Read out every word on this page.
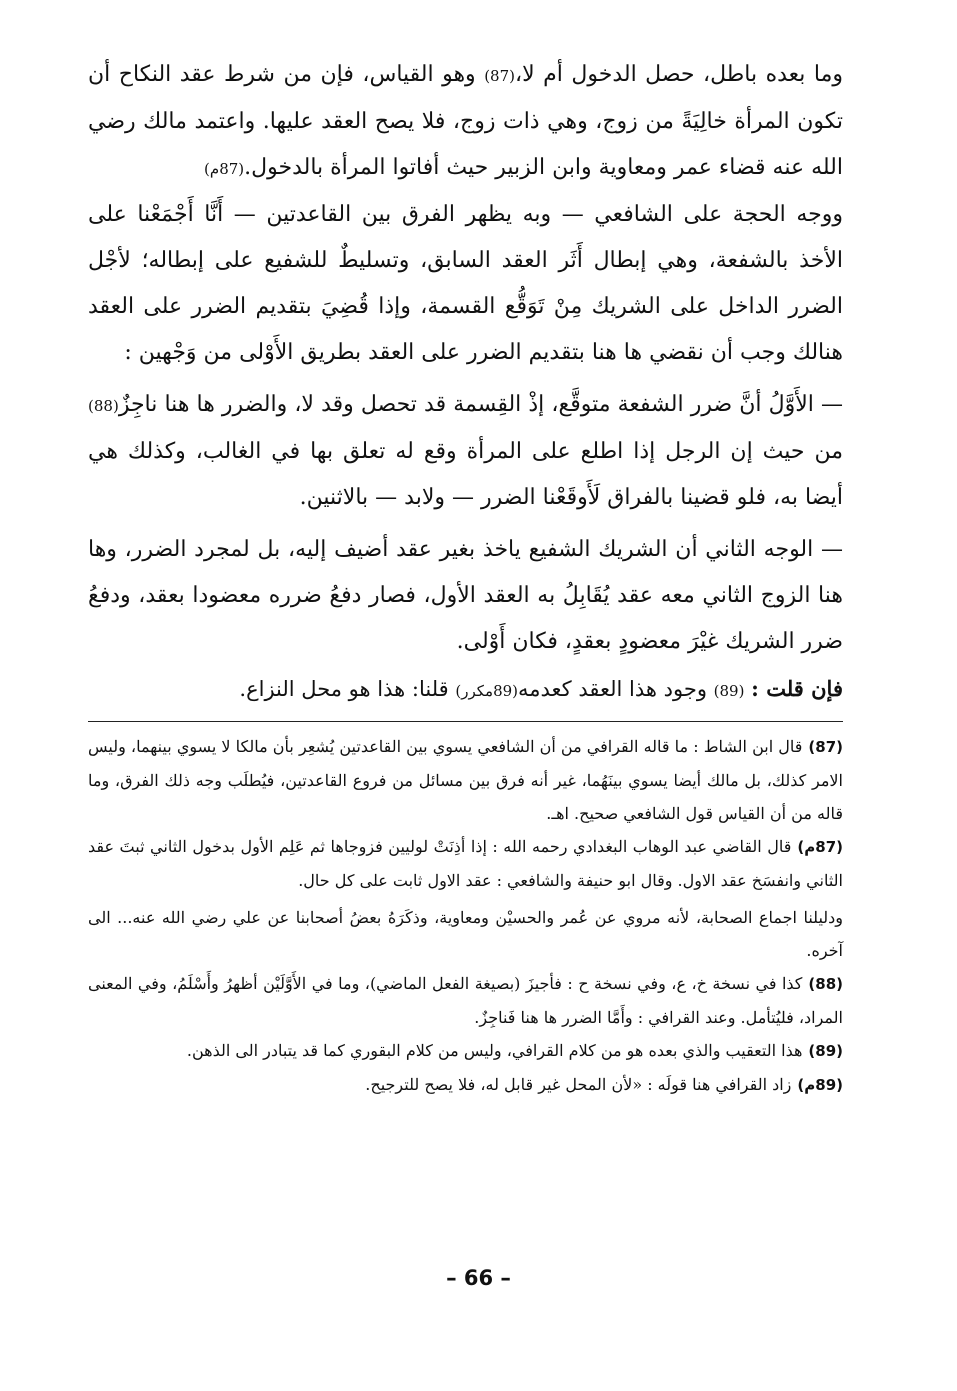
وما بعده باطل، حصل الدخول أم لا،(87) وهو القياس، فإن من شرط عقد النكاح أن تكون المرأة خالِيَةً من زوج، وهي ذات زوج، فلا يصح العقد عليها. واعتمد مالك رضي الله عنه قضاء عمر ومعاوية وابن الزبير حيث أفاتوا المرأة بالدخول.(87م)

ووجه الحجة على الشافعي — وبه يظهر الفرق بين القاعدتين — أَنَّا أَجْمَعْنا على الأخذ بالشفعة، وهي إبطال أَثَر العقد السابق، وتسليطٌ للشفيع على إبطاله؛ لأجْل الضرر الداخل على الشريك مِنْ تَوَقُّع القسمة، وإذا قُضِيَ بتقديم الضرر على العقد هنالك وجب أن نقضي ها هنا بتقديم الضرر على العقد بطريق الأَوْلى من وَجْهين :

— الأَوَّلُ أنَّ ضرر الشفعة متوقَّع، إذْ القِسمة قد تحصل وقد لا، والضرر ها هنا ناجِزٌ(88) من حيث إن الرجل إذا اطلع على المرأة وقع له تعلق بها في الغالب، وكذلك هي أيضا به، فلو قضينا بالفراق لَأَوقَعْنا الضرر — ولابد — بالاثنين.

— الوجه الثاني أن الشريك الشفيع ياخذ بغير عقد أضيف إليه، بل لمجرد الضرر، وها هنا الزوج الثاني معه عقد يُقَابِلُ به العقد الأول، فصار دفعُ ضرره معضودا بعقد، ودفعُ ضرر الشريك غيْرَ معضودٍ بعقدٍ، فكان أَوْلى.

فإن قلت : (89) وجود هذا العقد كعدمه(89مكرر) قلنا: هذا هو محل النزاع.

(87)قال ابن الشاط : ما قاله القرافي من أن الشافعي يسوي بين القاعدتين يُشعِر بأن مالكا لا يسوي بينهما، وليس الامر كذلك، بل مالك أيضا يسوي بينَهُما، غير أنه فرق بين مسائل من فروع القاعدتين، فيُطلَب وجه ذلك الفرق، وما قاله من أن القياس قول الشافعي صحيح. اهـ.

(87م)قال القاضي عبد الوهاب البغدادي رحمه الله : إذا أذِنَتْ لوليين فزوجاها ثم عَلِم الأول بدخول الثاني ثبتَ عقد الثاني وانفسَخ عقد الاول. وقال ابو حنيفة والشافعي : عقد الاول ثابت على كل حال.

ودليلنا اجماع الصحابة، لأنه مروي عن عُمر والحسيْن ومعاوية، وذكَرَهُ بعضُ أصحابنا عن علي رضي الله عنه... الى آخره.

(88)كذا في نسخة خ، ع، وفي نسخة ح : فأجيزَ (بصيغة الفعل الماضي)، وما في الأَوَّلَيْن أظهرُ وأَسْلَمُ، وفي المعنى المراد، فليُتأمل. وعند القرافي : وأَمَّا الضرر ها هنا فَناجِزٌ.

(89)هذا التعقيب والذي بعده هو من كلام القرافي، وليس من كلام البقوري كما قد يتبادر الى الذهن.

(89م)زاد القرافي هنا قولَه : «لأن المحل غير قابل له، فلا يصح للترجيح.

– 66 –
